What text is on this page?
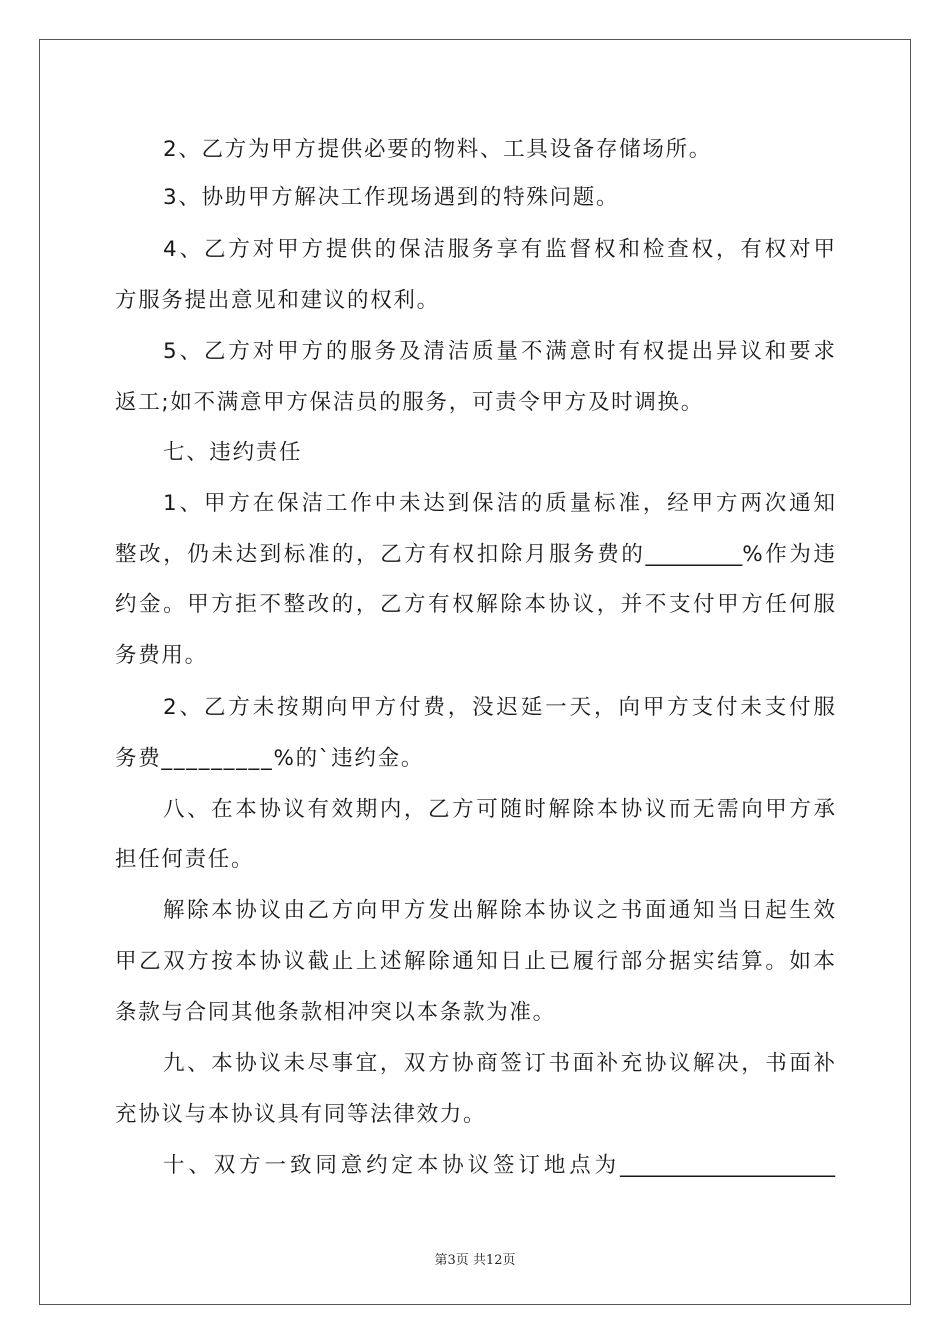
2、乙方为甲方提供必要的物料、工具设备存储场所。
3、协助甲方解决工作现场遇到的特殊问题。
4、乙方对甲方提供的保洁服务享有监督权和检查权，有权对甲
方服务提出意见和建议的权利。
5、乙方对甲方的服务及清洁质量不满意时有权提出异议和要求
返工;如不满意甲方保洁员的服务，可责令甲方及时调换。
七、违约责任
1、甲方在保洁工作中未达到保洁的质量标准，经甲方两次通知
整改，仍未达到标准的，乙方有权扣除月服务费的_________%作为违
约金。甲方拒不整改的，乙方有权解除本协议，并不支付甲方任何服
务费用。
2、乙方未按期向甲方付费，没迟延一天，向甲方支付未支付服
务费_________%的`违约金。
八、在本协议有效期内，乙方可随时解除本协议而无需向甲方承
担任何责任。
解除本协议由乙方向甲方发出解除本协议之书面通知当日起生效
甲乙双方按本协议截止上述解除通知日止已履行部分据实结算。如本
条款与合同其他条款相冲突以本条款为准。
九、本协议未尽事宜，双方协商签订书面补充协议解决，书面补
充协议与本协议具有同等法律效力。
十、双方一致同意约定本协议签订地点为____________________
第3页 共12页
